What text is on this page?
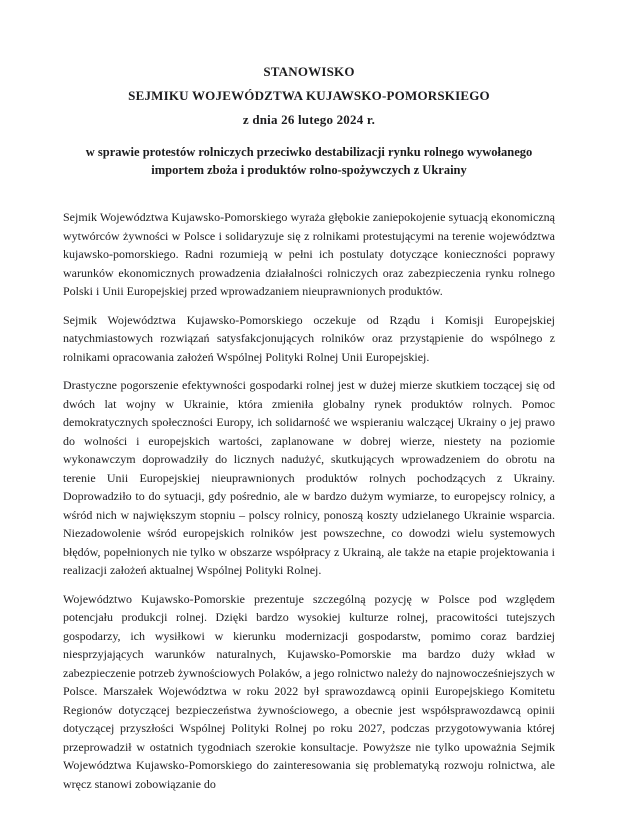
STANOWISKO
SEJMIKU WOJEWÓDZTWA KUJAWSKO-POMORSKIEGO
z dnia 26 lutego 2024 r.
w sprawie protestów rolniczych przeciwko destabilizacji rynku rolnego wywołanego
importem zboża i produktów rolno-spożywczych z Ukrainy

Sejmik Województwa Kujawsko-Pomorskiego wyraża głębokie zaniepokojenie sytuacją ekonomiczną wytwórców żywności w Polsce i solidaryzuje się z rolnikami protestującymi na terenie województwa kujawsko-pomorskiego. Radni rozumieją w pełni ich postulaty dotyczące konieczności poprawy warunków ekonomicznych prowadzenia działalności rolniczych oraz zabezpieczenia rynku rolnego Polski i Unii Europejskiej przed wprowadzaniem nieuprawnionych produktów.

Sejmik Województwa Kujawsko-Pomorskiego oczekuje od Rządu i Komisji Europejskiej natychmiastowych rozwiązań satysfakcjonujących rolników oraz przystąpienie do wspólnego z rolnikami opracowania założeń Wspólnej Polityki Rolnej Unii Europejskiej.

Drastyczne pogorszenie efektywności gospodarki rolnej jest w dużej mierze skutkiem toczącej się od dwóch lat wojny w Ukrainie, która zmieniła globalny rynek produktów rolnych. Pomoc demokratycznych społeczności Europy, ich solidarność we wspieraniu walczącej Ukrainy o jej prawo do wolności i europejskich wartości, zaplanowane w dobrej wierze, niestety na poziomie wykonawczym doprowadziły do licznych nadużyć, skutkujących wprowadzeniem do obrotu na terenie Unii Europejskiej nieuprawnionych produktów rolnych pochodzących z Ukrainy. Doprowadziło to do sytuacji, gdy pośrednio, ale w bardzo dużym wymiarze, to europejscy rolnicy, a wśród nich w największym stopniu – polscy rolnicy, ponoszą koszty udzielanego Ukrainie wsparcia. Niezadowolenie wśród europejskich rolników jest powszechne, co dowodzi wielu systemowych błędów, popełnionych nie tylko w obszarze współpracy z Ukrainą, ale także na etapie projektowania i realizacji założeń aktualnej Wspólnej Polityki Rolnej.

Województwo Kujawsko-Pomorskie prezentuje szczególną pozycję w Polsce pod względem potencjału produkcji rolnej. Dzięki bardzo wysokiej kulturze rolnej, pracowitości tutejszych gospodarzy, ich wysiłkowi w kierunku modernizacji gospodarstw, pomimo coraz bardziej niesprzyjających warunków naturalnych, Kujawsko-Pomorskie ma bardzo duży wkład w zabezpieczenie potrzeb żywnościowych Polaków, a jego rolnictwo należy do najnowocześniejszych w Polsce. Marszałek Województwa w roku 2022 był sprawozdawcą opinii Europejskiego Komitetu Regionów dotyczącej bezpieczeństwa żywnościowego, a obecnie jest współsprawozdawcą opinii dotyczącej przyszłości Wspólnej Polityki Rolnej po roku 2027, podczas przygotowywania której przeprowadził w ostatnich tygodniach szerokie konsultacje. Powyższe nie tylko upoważnia Sejmik Województwa Kujawsko-Pomorskiego do zainteresowania się problematyką rozwoju rolnictwa, ale wręcz stanowi zobowiązanie do
